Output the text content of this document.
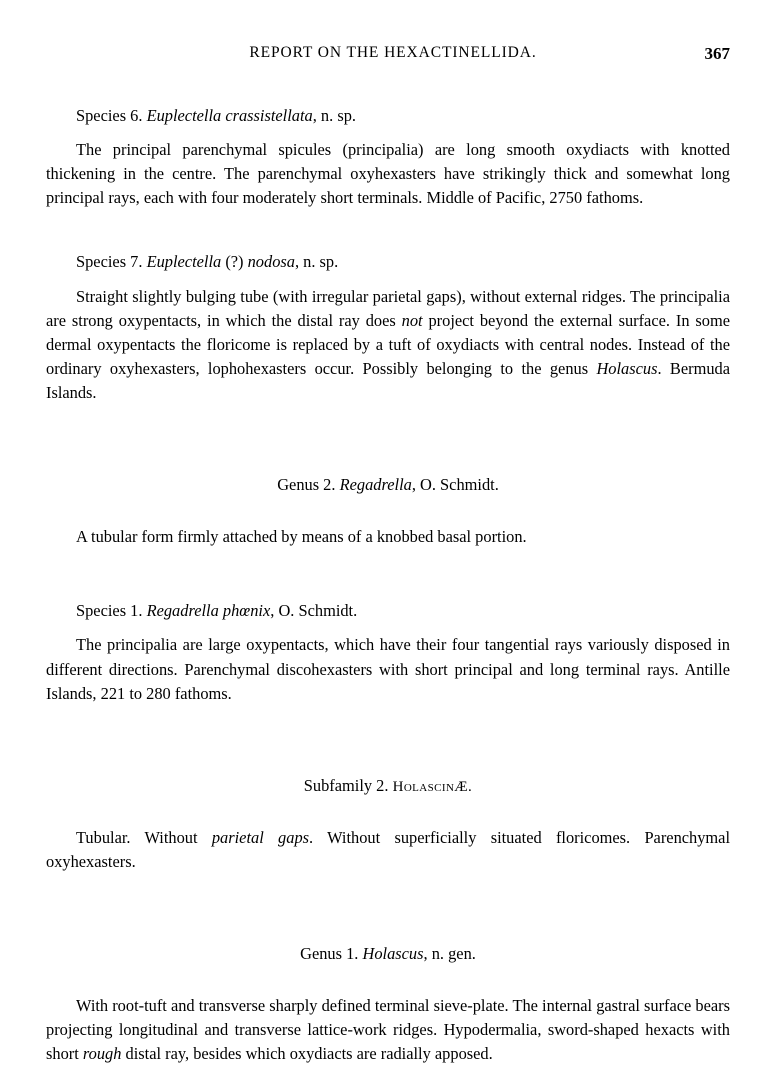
REPORT ON THE HEXACTINELLIDA.	367

Species 6. Euplectella crassistellata, n. sp.

The principal parenchymal spicules (principalia) are long smooth oxydiacts with knotted thickening in the centre. The parenchymal oxyhexasters have strikingly thick and somewhat long principal rays, each with four moderately short terminals. Middle of Pacific, 2750 fathoms.

Species 7. Euplectella (?) nodosa, n. sp.

Straight slightly bulging tube (with irregular parietal gaps), without external ridges. The principalia are strong oxypentacts, in which the distal ray does not project beyond the external surface. In some dermal oxypentacts the floricome is replaced by a tuft of oxydiacts with central nodes. Instead of the ordinary oxyhexasters, lophohexasters occur. Possibly belonging to the genus Holascus. Bermuda Islands.

Genus 2. Regadrella, O. Schmidt.

A tubular form firmly attached by means of a knobbed basal portion.

Species 1. Regadrella phœnix, O. Schmidt.

The principalia are large oxypentacts, which have their four tangential rays variously disposed in different directions. Parenchymal discohexasters with short principal and long terminal rays. Antille Islands, 221 to 280 fathoms.

Subfamily 2. HolascinÆ.

Tubular. Without parietal gaps. Without superficially situated floricomes. Parenchymal oxyhexasters.

Genus 1. Holascus, n. gen.

With root-tuft and transverse sharply defined terminal sieve-plate. The internal gastral surface bears projecting longitudinal and transverse lattice-work ridges. Hypodermalia, sword-shaped hexacts with short rough distal ray, besides which oxydiacts are radially apposed.
